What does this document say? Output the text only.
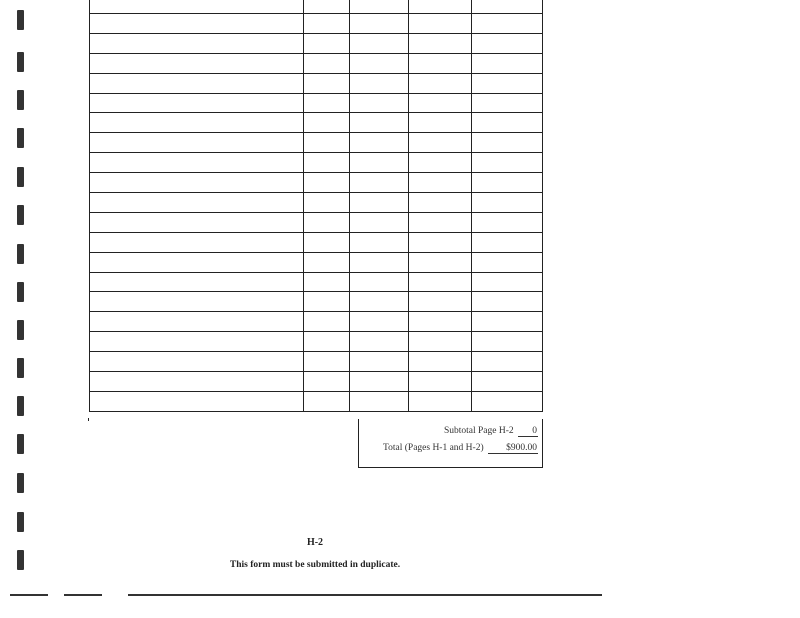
Subtotal Page H-2 0
Total (Pages H-1 and H-2) $900.00
H-2
This form must be submitted in duplicate.
